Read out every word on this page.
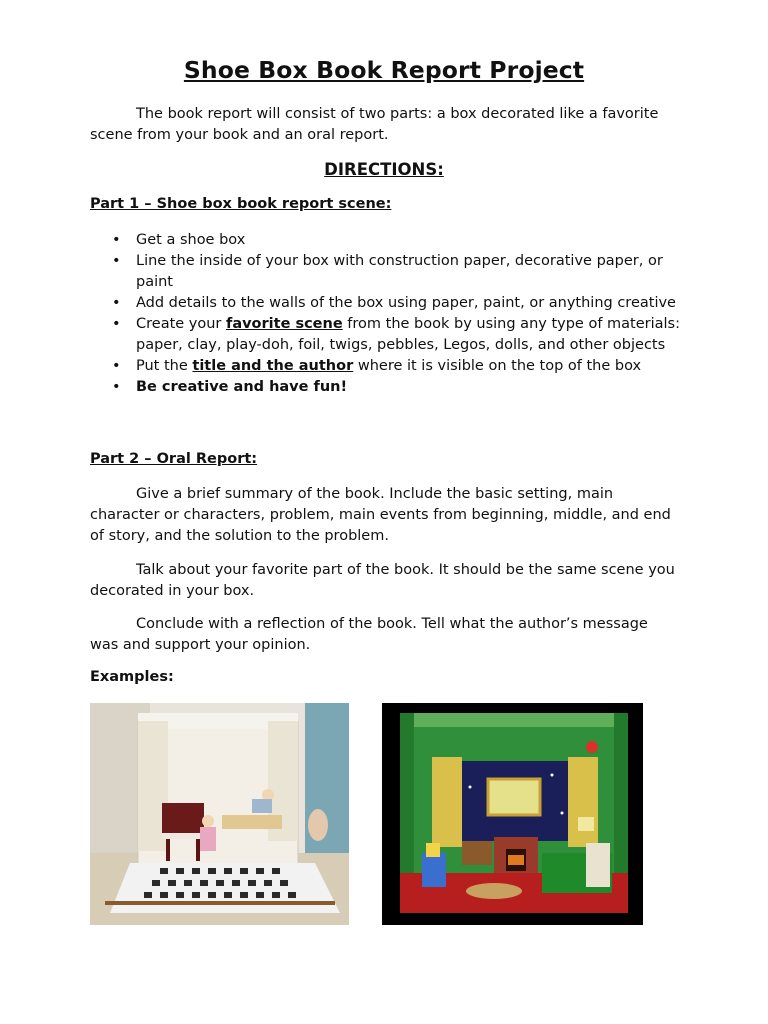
Shoe Box Book Report Project

The book report will consist of two parts: a box decorated like a favorite scene from your book and an oral report.

DIRECTIONS:
Part 1 – Shoe box book report scene:
• Get a shoe box
• Line the inside of your box with construction paper, decorative paper, or paint
• Add details to the walls of the box using paper, paint, or anything creative
• Create your favorite scene from the book by using any type of materials: paper, clay, play-doh, foil, twigs, pebbles, Legos, dolls, and other objects
• Put the title and the author where it is visible on the top of the box
• Be creative and have fun!
Part 2 – Oral Report:

Give a brief summary of the book. Include the basic setting, main character or characters, problem, main events from beginning, middle, and end of story, and the solution to the problem.

Talk about your favorite part of the book. It should be the same scene you decorated in your box.

Conclude with a reflection of the book. Tell what the author’s message was and support your opinion.

Examples:
